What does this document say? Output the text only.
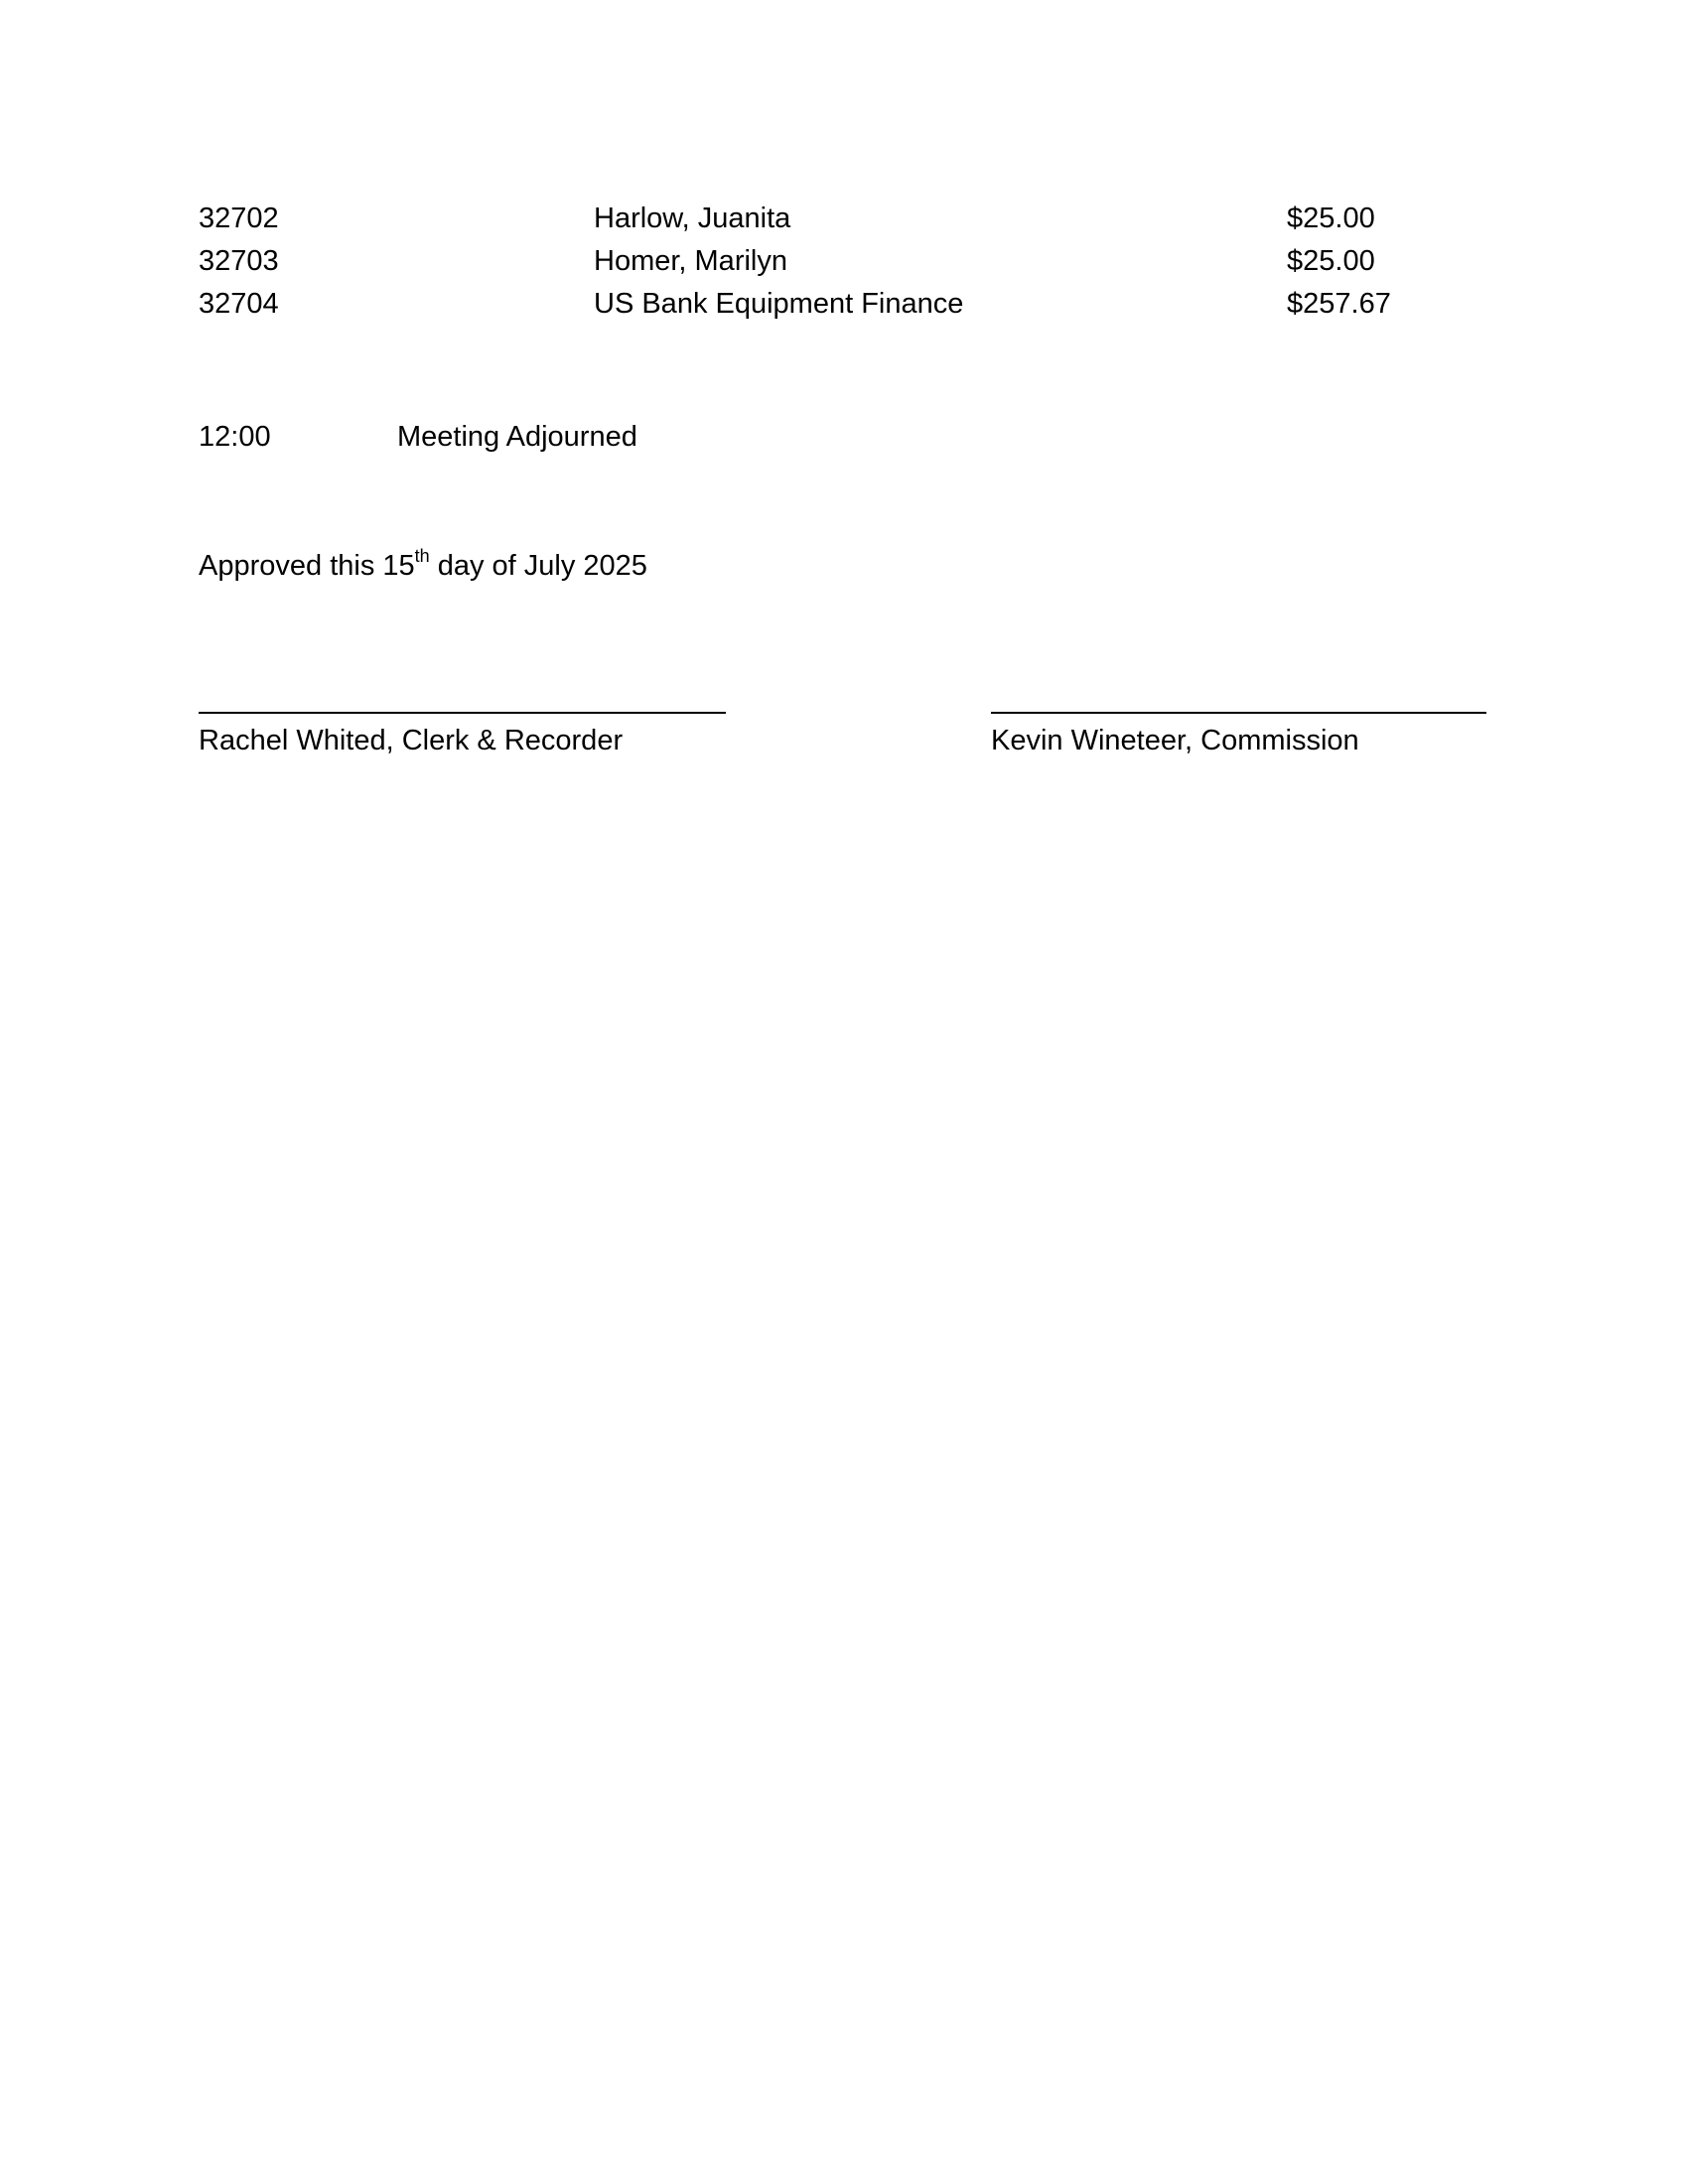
32702	Harlow, Juanita	$25.00
32703	Homer, Marilyn	$25.00
32704	US Bank Equipment Finance	$257.67
12:00	Meeting Adjourned
Approved this 15th day of July 2025
Rachel Whited, Clerk & Recorder	Kevin Wineteer, Commission
